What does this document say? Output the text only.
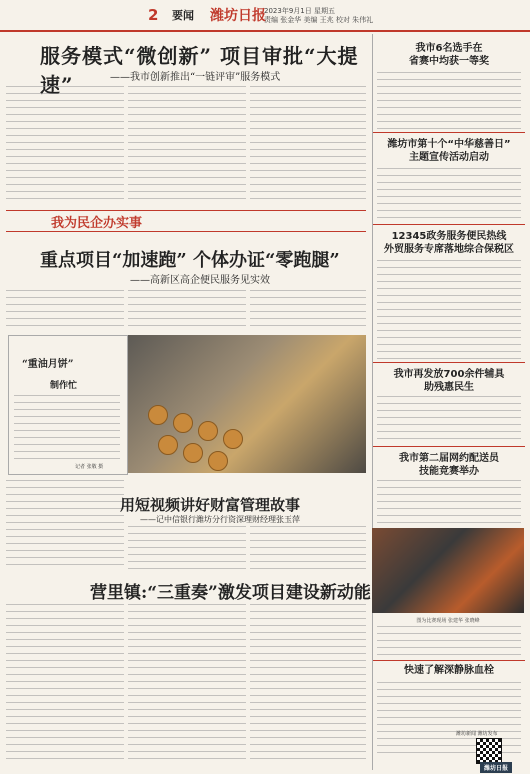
2 要闻 潍坊日报
2023年9月1日 星期五
责编 张金华 美编 王兆 校对 朱伟礼
服务模式“微创新” 项目审批“大提速”	——我市创新推出“一链评审”服务模式
我为民企办实事
重点项目“加速跑” 个体办证“零跑腿”
——高新区高企便民服务见实效
“重油月饼”
制作忙
记者 张敬 摄
用短视频讲好财富管理故事
——记中信银行潍坊分行资深理财经理张玉萍
营里镇:“三重奏”激发项目建设新动能
我市6名选手在
省赛中均获一等奖
潍坊市第十个“中华慈善日”
主题宣传活动启动
12345政务服务便民热线
外贸服务专席落地综合保税区
我市再发放700余件辅具
助残惠民生
我市第二届网约配送员
技能竞赛举办
快速了解深静脉血栓
图为比赛现场 张建华 张晓峰
潍坊新闻 潍坊发布
潍坊日报
